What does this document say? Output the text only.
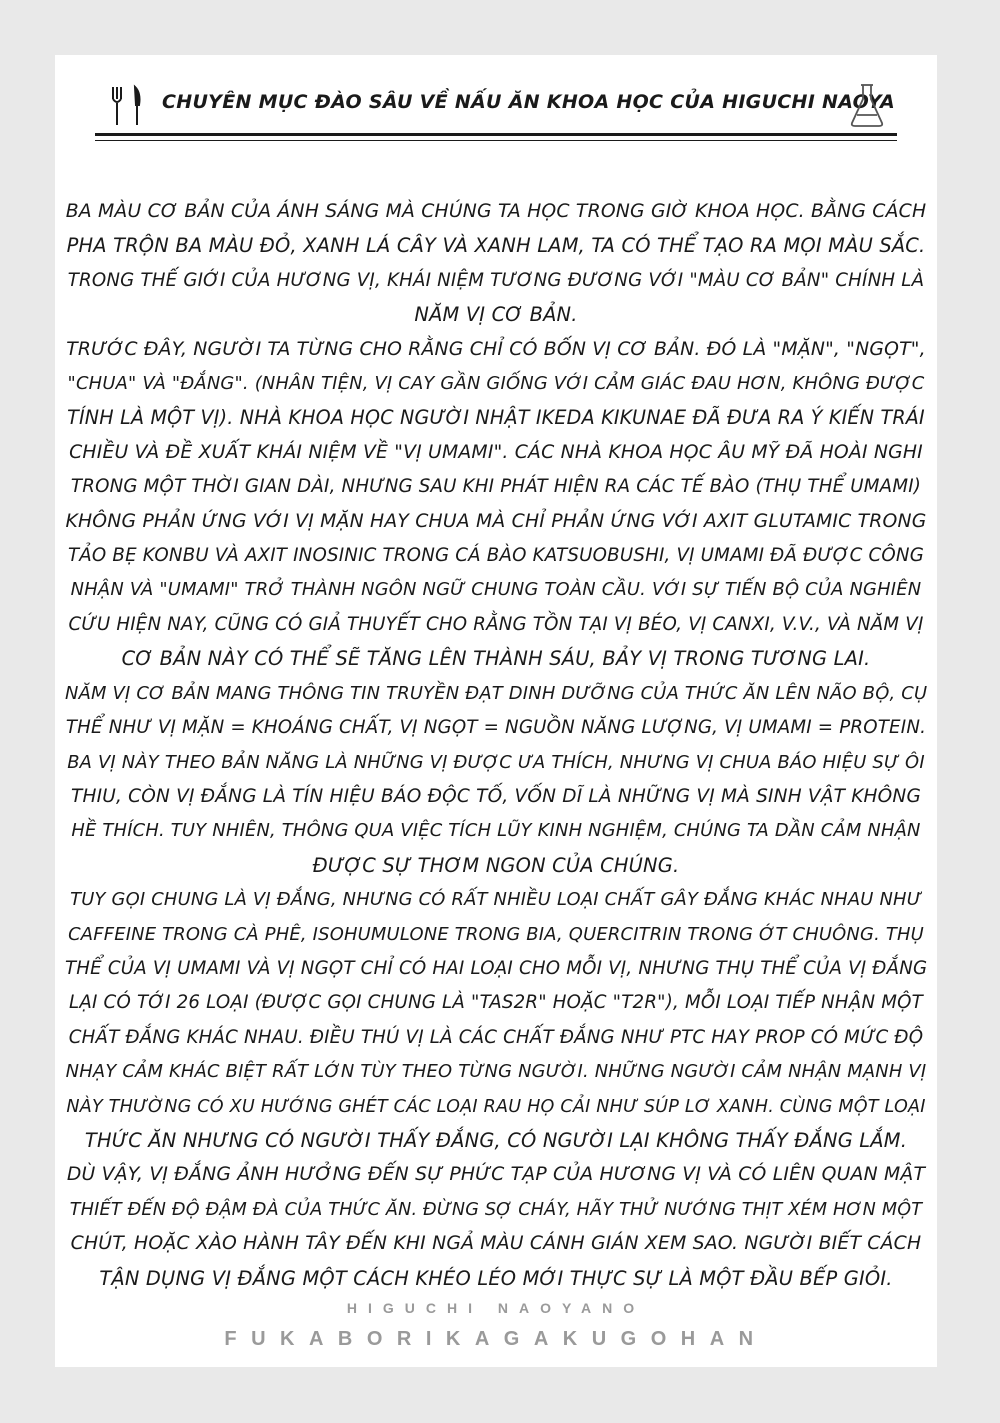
CHUYÊN MỤC ĐÀO SÂU VỀ NẤU ĂN KHOA HỌC CỦA HIGUCHI NAOYA

BA MÀU CƠ BẢN CỦA ÁNH SÁNG MÀ CHÚNG TA HỌC TRONG GIỜ KHOA HỌC. BẰNG CÁCH

PHA TRỘN BA MÀU ĐỎ, XANH LÁ CÂY VÀ XANH LAM, TA CÓ THỂ TẠO RA MỌI MÀU SẮC.

TRONG THẾ GIỚI CỦA HƯƠNG VỊ, KHÁI NIỆM TƯƠNG ĐƯƠNG VỚI "MÀU CƠ BẢN" CHÍNH LÀ

NĂM VỊ CƠ BẢN.

TRƯỚC ĐÂY, NGƯỜI TA TỪNG CHO RẰNG CHỈ CÓ BỐN VỊ CƠ BẢN. ĐÓ LÀ "MẶN", "NGỌT",

"CHUA" VÀ "ĐẮNG". (NHÂN TIỆN, VỊ CAY GẦN GIỐNG VỚI CẢM GIÁC ĐAU HƠN, KHÔNG ĐƯỢC

TÍNH LÀ MỘT VỊ). NHÀ KHOA HỌC NGƯỜI NHẬT IKEDA KIKUNAE ĐÃ ĐƯA RA Ý KIẾN TRÁI

CHIỀU VÀ ĐỀ XUẤT KHÁI NIỆM VỀ "VỊ UMAMI". CÁC NHÀ KHOA HỌC ÂU MỸ ĐÃ HOÀI NGHI

TRONG MỘT THỜI GIAN DÀI, NHƯNG SAU KHI PHÁT HIỆN RA CÁC TẾ BÀO (THỤ THỂ UMAMI)

KHÔNG PHẢN ỨNG VỚI VỊ MẶN HAY CHUA MÀ CHỈ PHẢN ỨNG VỚI AXIT GLUTAMIC TRONG

TẢO BẸ KONBU VÀ AXIT INOSINIC TRONG CÁ BÀO KATSUOBUSHI, VỊ UMAMI ĐÃ ĐƯỢC CÔNG

NHẬN VÀ "UMAMI" TRỞ THÀNH NGÔN NGỮ CHUNG TOÀN CẦU. VỚI SỰ TIẾN BỘ CỦA NGHIÊN

CỨU HIỆN NAY, CŨNG CÓ GIẢ THUYẾT CHO RẰNG TỒN TẠI VỊ BÉO, VỊ CANXI, V.V., VÀ NĂM VỊ

CƠ BẢN NÀY CÓ THỂ SẼ TĂNG LÊN THÀNH SÁU, BẢY VỊ TRONG TƯƠNG LAI.

NĂM VỊ CƠ BẢN MANG THÔNG TIN TRUYỀN ĐẠT DINH DƯỠNG CỦA THỨC ĂN LÊN NÃO BỘ, CỤ

THỂ NHƯ VỊ MẶN = KHOÁNG CHẤT, VỊ NGỌT = NGUỒN NĂNG LƯỢNG, VỊ UMAMI = PROTEIN.

BA VỊ NÀY THEO BẢN NĂNG LÀ NHỮNG VỊ ĐƯỢC ƯA THÍCH, NHƯNG VỊ CHUA BÁO HIỆU SỰ ÔI

THIU, CÒN VỊ ĐẮNG LÀ TÍN HIỆU BÁO ĐỘC TỐ, VỐN DĨ LÀ NHỮNG VỊ MÀ SINH VẬT KHÔNG

HỀ THÍCH. TUY NHIÊN, THÔNG QUA VIỆC TÍCH LŨY KINH NGHIỆM, CHÚNG TA DẦN CẢM NHẬN

ĐƯỢC SỰ THƠM NGON CỦA CHÚNG.

TUY GỌI CHUNG LÀ VỊ ĐẮNG, NHƯNG CÓ RẤT NHIỀU LOẠI CHẤT GÂY ĐẮNG KHÁC NHAU NHƯ

CAFFEINE TRONG CÀ PHÊ, ISOHUMULONE TRONG BIA, QUERCITRIN TRONG ỚT CHUÔNG. THỤ

THỂ CỦA VỊ UMAMI VÀ VỊ NGỌT CHỈ CÓ HAI LOẠI CHO MỖI VỊ, NHƯNG THỤ THỂ CỦA VỊ ĐẮNG

LẠI CÓ TỚI 26 LOẠI (ĐƯỢC GỌI CHUNG LÀ "TAS2R" HOẶC "T2R"), MỖI LOẠI TIẾP NHẬN MỘT

CHẤT ĐẮNG KHÁC NHAU. ĐIỀU THÚ VỊ LÀ CÁC CHẤT ĐẮNG NHƯ PTC HAY PROP CÓ MỨC ĐỘ

NHẠY CẢM KHÁC BIỆT RẤT LỚN TÙY THEO TỪNG NGƯỜI. NHỮNG NGƯỜI CẢM NHẬN MẠNH VỊ

NÀY THƯỜNG CÓ XU HƯỚNG GHÉT CÁC LOẠI RAU HỌ CẢI NHƯ SÚP LƠ XANH. CÙNG MỘT LOẠI

THỨC ĂN NHƯNG CÓ NGƯỜI THẤY ĐẮNG, CÓ NGƯỜI LẠI KHÔNG THẤY ĐẮNG LẮM.

DÙ VẬY, VỊ ĐẮNG ẢNH HƯỞNG ĐẾN SỰ PHỨC TẠP CỦA HƯƠNG VỊ VÀ CÓ LIÊN QUAN MẬT

THIẾT ĐẾN ĐỘ ĐẬM ĐÀ CỦA THỨC ĂN. ĐỪNG SỢ CHÁY, HÃY THỬ NƯỚNG THỊT XÉM HƠN MỘT

CHÚT, HOẶC XÀO HÀNH TÂY ĐẾN KHI NGẢ MÀU CÁNH GIÁN XEM SAO. NGƯỜI BIẾT CÁCH

TẬN DỤNG VỊ ĐẮNG MỘT CÁCH KHÉO LÉO MỚI THỰC SỰ LÀ MỘT ĐẦU BẾP GIỎI.

HIGUCHI NAOYANO
FUKABORIKAGAKUGOHAN
